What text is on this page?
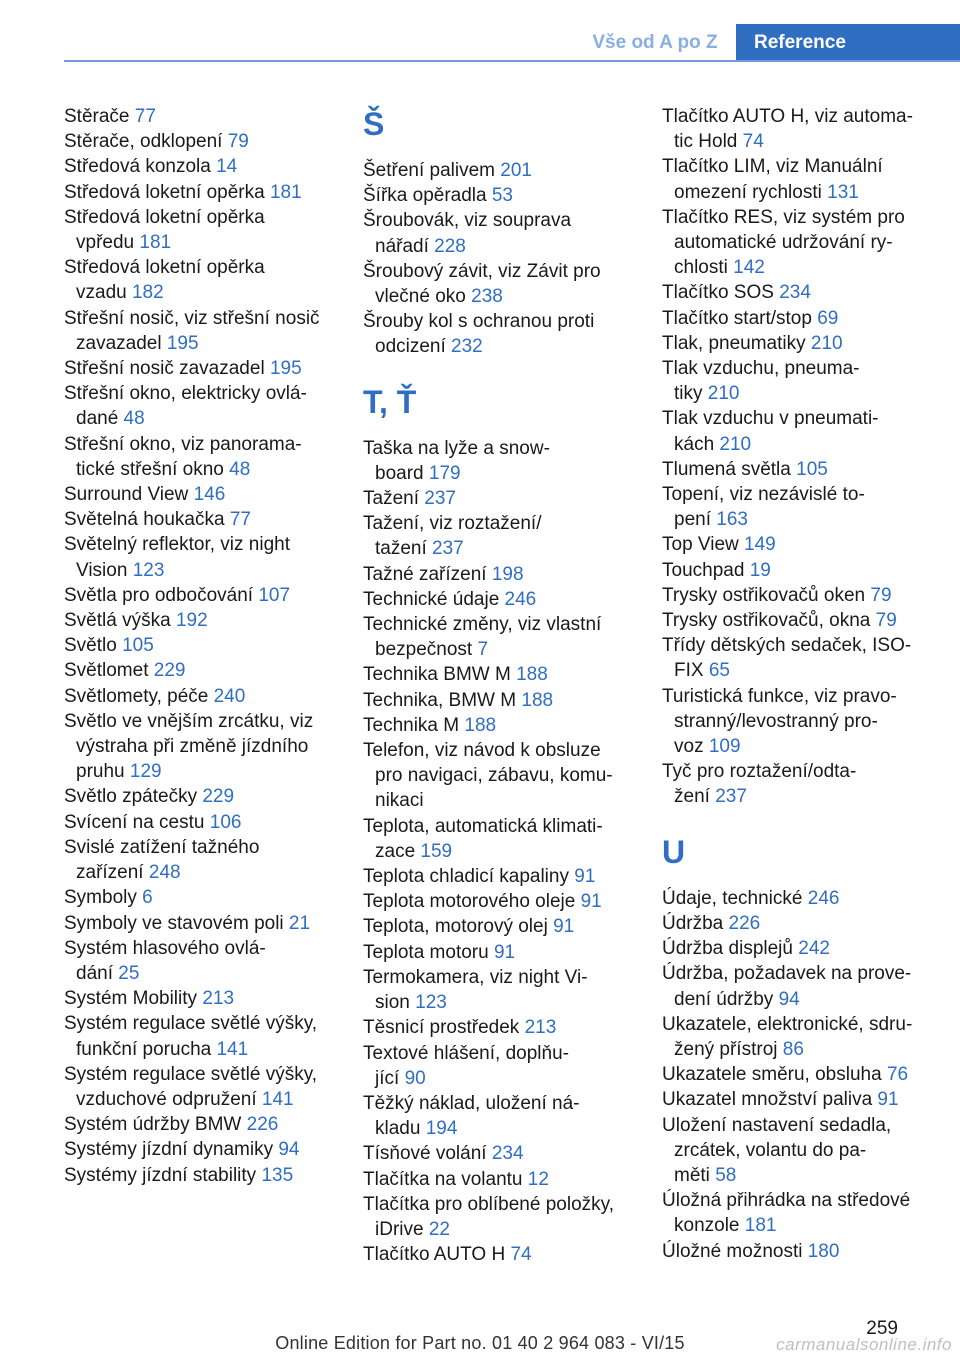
Vše od A po Z	Reference
Stěrače 77
Stěrače, odklopení 79
Středová konzola 14
Středová loketní opěrka 181
Středová loketní opěrka
vpředu 181
Středová loketní opěrka
vzadu 182
Střešní nosič, viz střešní nosič
zavazadel 195
Střešní nosič zavazadel 195
Střešní okno, elektricky ovlá‐
dané 48
Střešní okno, viz panorama‐
tické střešní okno 48
Surround View 146
Světelná houkačka 77
Světelný reflektor, viz night
Vision 123
Světla pro odbočování 107
Světlá výška 192
Světlo 105
Světlomet 229
Světlomety, péče 240
Světlo ve vnějším zrcátku, viz
výstraha při změně jízdního
pruhu 129
Světlo zpátečky 229
Svícení na cestu 106
Svislé zatížení tažného
zařízení 248
Symboly 6
Symboly ve stavovém poli 21
Systém hlasového ovlá‐
dání 25
Systém Mobility 213
Systém regulace světlé výšky,
funkční porucha 141
Systém regulace světlé výšky,
vzduchové odpružení 141
Systém údržby BMW 226
Systémy jízdní dynamiky 94
Systémy jízdní stability 135
Š
Šetření palivem 201
Šířka opěradla 53
Šroubovák, viz souprava
nářadí 228
Šroubový závit, viz Závit pro
vlečné oko 238
Šrouby kol s ochranou proti
odcizení 232
T, Ť
Taška na lyže a snow‐
board 179
Tažení 237
Tažení, viz roztažení/
tažení 237
Tažné zařízení 198
Technické údaje 246
Technické změny, viz vlastní
bezpečnost 7
Technika BMW M 188
Technika, BMW M 188
Technika M 188
Telefon, viz návod k obsluze
pro navigaci, zábavu, komu‐
nikaci
Teplota, automatická klimati‐
zace 159
Teplota chladicí kapaliny 91
Teplota motorového oleje 91
Teplota, motorový olej 91
Teplota motoru 91
Termokamera, viz night Vi‐
sion 123
Těsnicí prostředek 213
Textové hlášení, doplňu‐
jící 90
Těžký náklad, uložení ná‐
kladu 194
Tísňové volání 234
Tlačítka na volantu 12
Tlačítka pro oblíbené položky,
iDrive 22
Tlačítko AUTO H 74
Tlačítko AUTO H, viz automa‐
tic Hold 74
Tlačítko LIM, viz Manuální
omezení rychlosti 131
Tlačítko RES, viz systém pro
automatické udržování ry‐
chlosti 142
Tlačítko SOS 234
Tlačítko start/stop 69
Tlak, pneumatiky 210
Tlak vzduchu, pneuma‐
tiky 210
Tlak vzduchu v pneumati‐
kách 210
Tlumená světla 105
Topení, viz nezávislé to‐
pení 163
Top View 149
Touchpad 19
Trysky ostřikovačů oken 79
Trysky ostřikovačů, okna 79
Třídy dětských sedaček, ISO‐
FIX 65
Turistická funkce, viz pravo‐
stranný/levostranný pro‐
voz 109
Tyč pro roztažení/odta‐
žení 237
U
Údaje, technické 246
Údržba 226
Údržba displejů 242
Údržba, požadavek na prove‐
dení údržby 94
Ukazatele, elektronické, sdru‐
žený přístroj 86
Ukazatele směru, obsluha 76
Ukazatel množství paliva 91
Uložení nastavení sedadla,
zrcátek, volantu do pa‐
měti 58
Úložná přihrádka na středové
konzole 181
Úložné možnosti 180
259
Online Edition for Part no. 01 40 2 964 083 - VI/15	carmanualsonline.info
